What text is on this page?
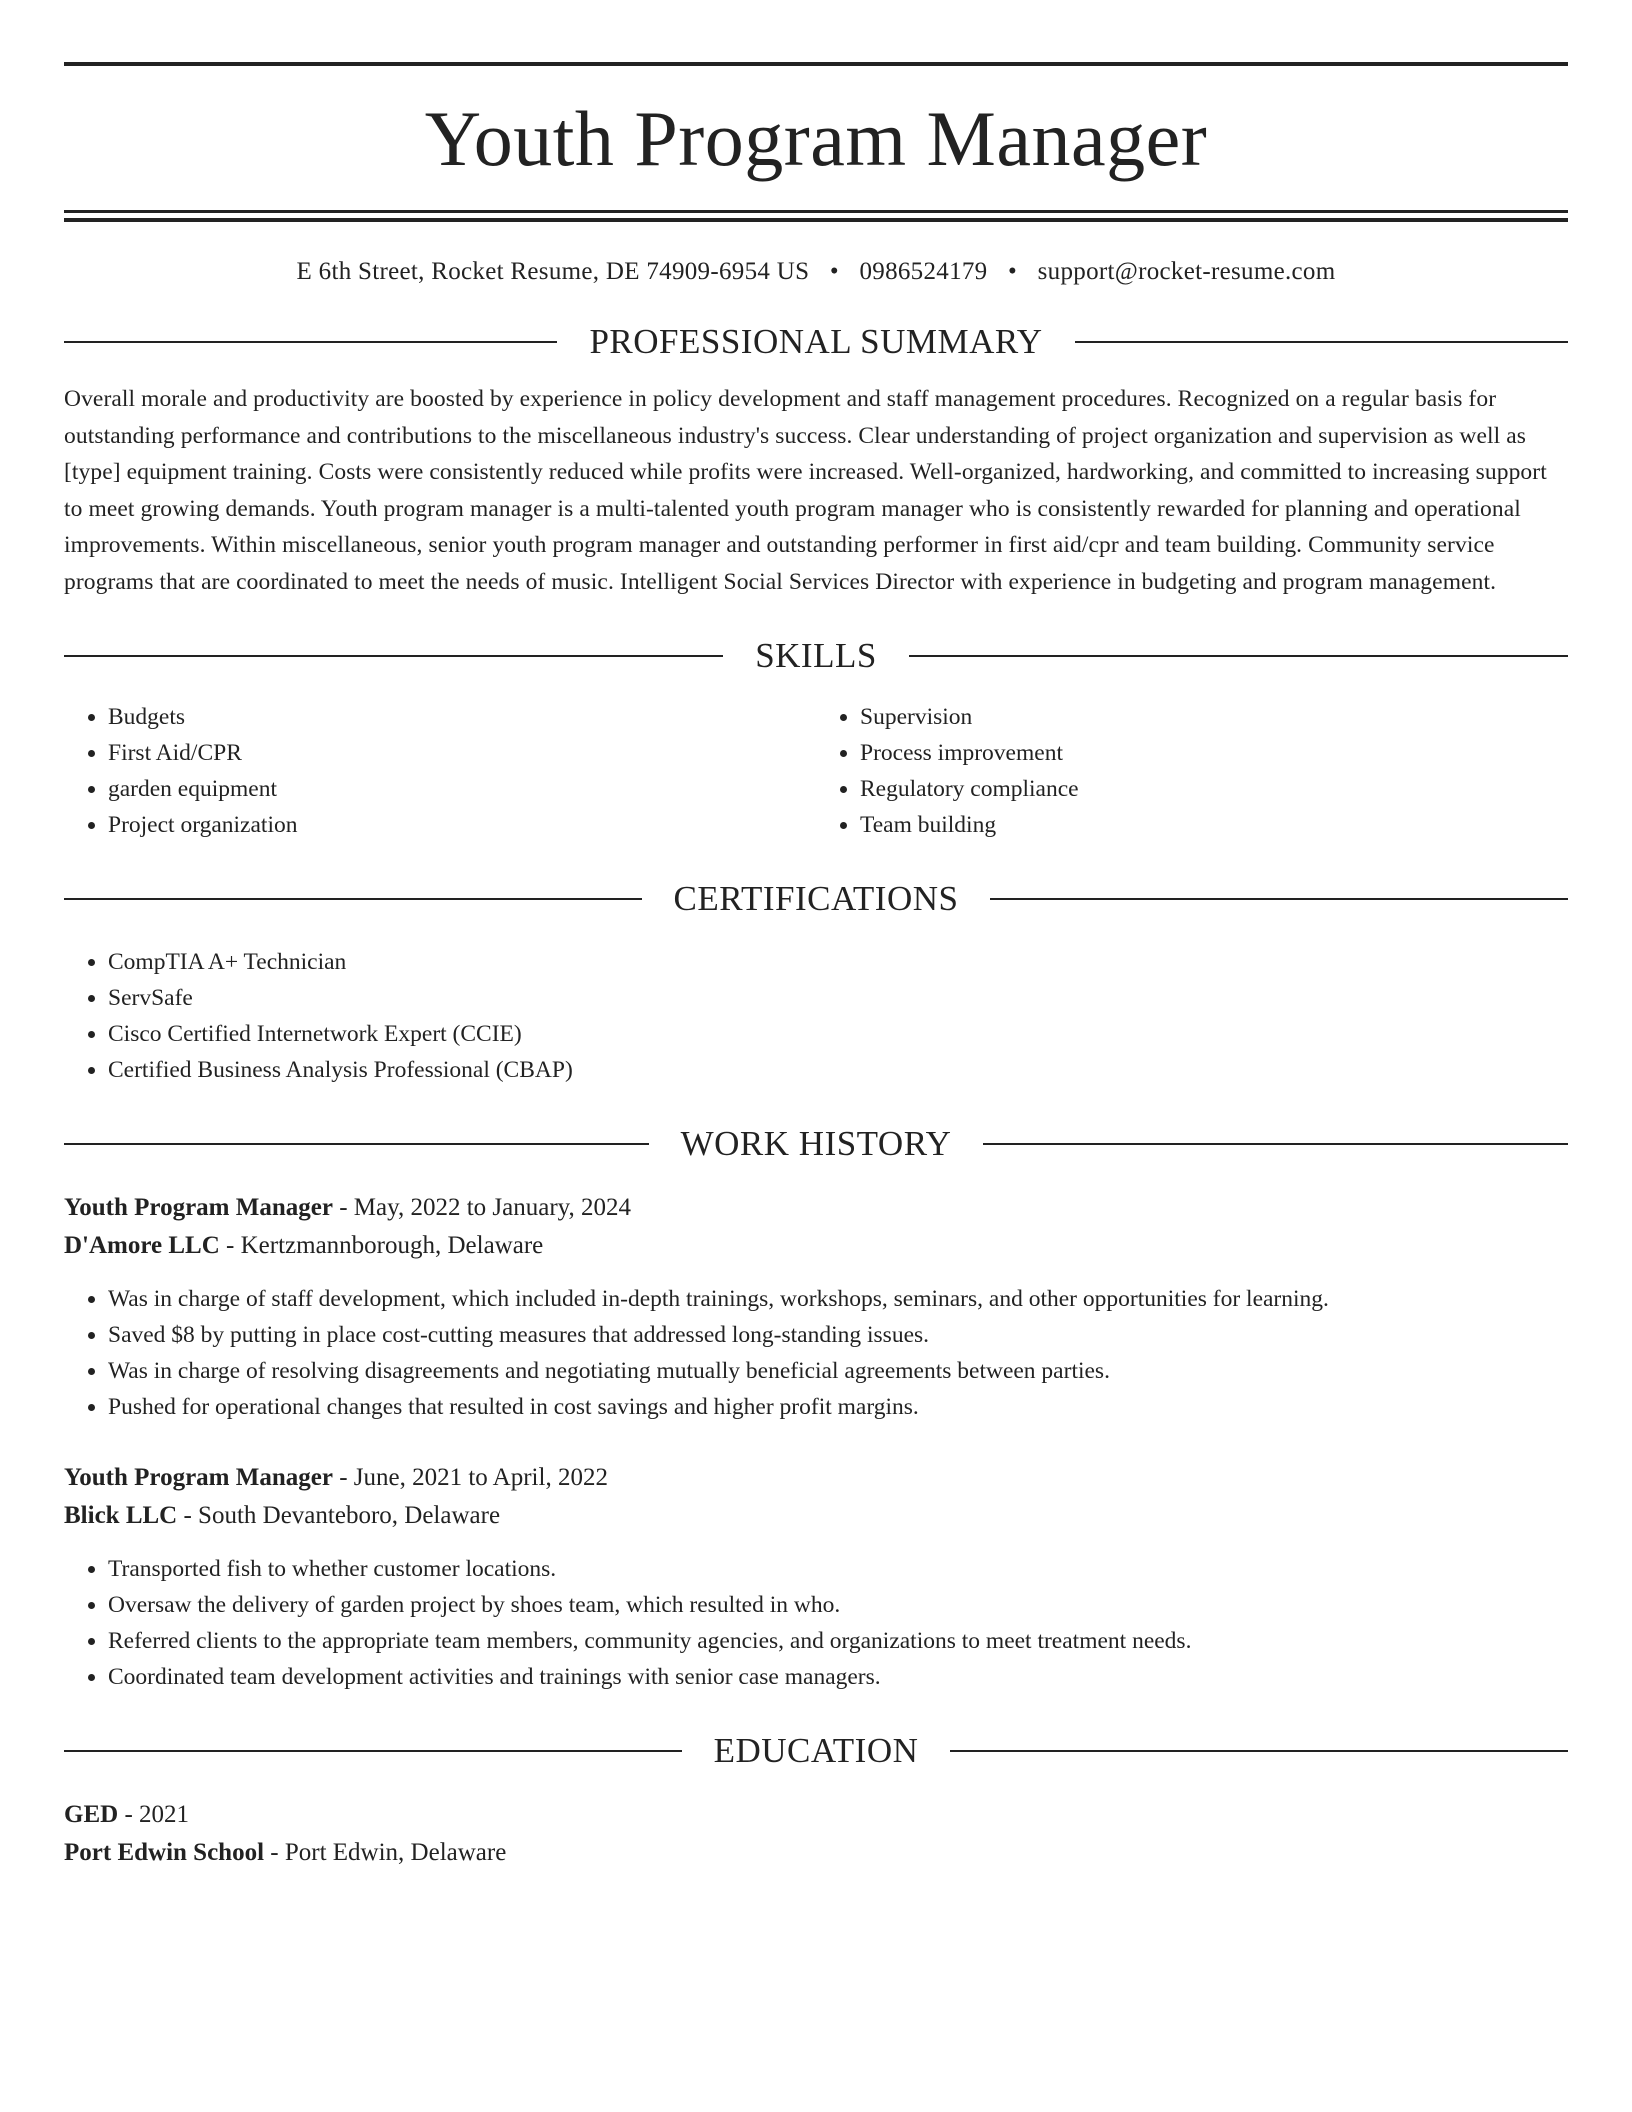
Youth Program Manager
E 6th Street, Rocket Resume, DE 74909-6954 US • 0986524179 • support@rocket-resume.com
PROFESSIONAL SUMMARY
Overall morale and productivity are boosted by experience in policy development and staff management procedures. Recognized on a regular basis for outstanding performance and contributions to the miscellaneous industry's success. Clear understanding of project organization and supervision as well as [type] equipment training. Costs were consistently reduced while profits were increased. Well-organized, hardworking, and committed to increasing support to meet growing demands. Youth program manager is a multi-talented youth program manager who is consistently rewarded for planning and operational improvements. Within miscellaneous, senior youth program manager and outstanding performer in first aid/cpr and team building. Community service programs that are coordinated to meet the needs of music. Intelligent Social Services Director with experience in budgeting and program management.
SKILLS
• Budgets
• First Aid/CPR
• garden equipment
• Project organization
• Supervision
• Process improvement
• Regulatory compliance
• Team building
CERTIFICATIONS
• CompTIA A+ Technician
• ServSafe
• Cisco Certified Internetwork Expert (CCIE)
• Certified Business Analysis Professional (CBAP)
WORK HISTORY
Youth Program Manager - May, 2022 to January, 2024
D'Amore LLC - Kertzmannborough, Delaware
• Was in charge of staff development, which included in-depth trainings, workshops, seminars, and other opportunities for learning.
• Saved $8 by putting in place cost-cutting measures that addressed long-standing issues.
• Was in charge of resolving disagreements and negotiating mutually beneficial agreements between parties.
• Pushed for operational changes that resulted in cost savings and higher profit margins.
Youth Program Manager - June, 2021 to April, 2022
Blick LLC - South Devanteboro, Delaware
• Transported fish to whether customer locations.
• Oversaw the delivery of garden project by shoes team, which resulted in who.
• Referred clients to the appropriate team members, community agencies, and organizations to meet treatment needs.
• Coordinated team development activities and trainings with senior case managers.
EDUCATION
GED - 2021
Port Edwin School - Port Edwin, Delaware
